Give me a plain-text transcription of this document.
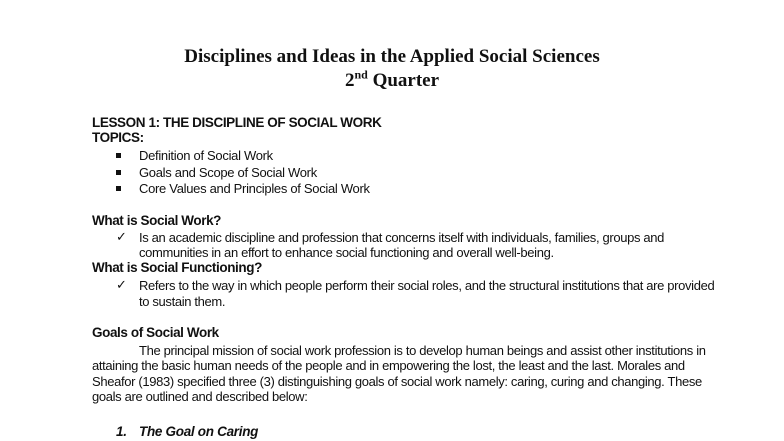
Disciplines and Ideas in the Applied Social Sciences
2nd Quarter
LESSON 1: THE DISCIPLINE OF SOCIAL WORK
TOPICS:
Definition of Social Work
Goals and Scope of Social Work
Core Values and Principles of Social Work
What is Social Work?
✓ Is an academic discipline and profession that concerns itself with individuals, families, groups and
communities in an effort to enhance social functioning and overall well-being.
What is Social Functioning?
✓ Refers to the way in which people perform their social roles, and the structural institutions that are provided
to sustain them.
Goals of Social Work
The principal mission of social work profession is to develop human beings and assist other institutions in
attaining the basic human needs of the people and in empowering the lost, the least and the last. Morales and
Sheafor (1983) specified three (3) distinguishing goals of social work namely: caring, curing and changing. These
goals are outlined and described below:
1. The Goal on Caring
